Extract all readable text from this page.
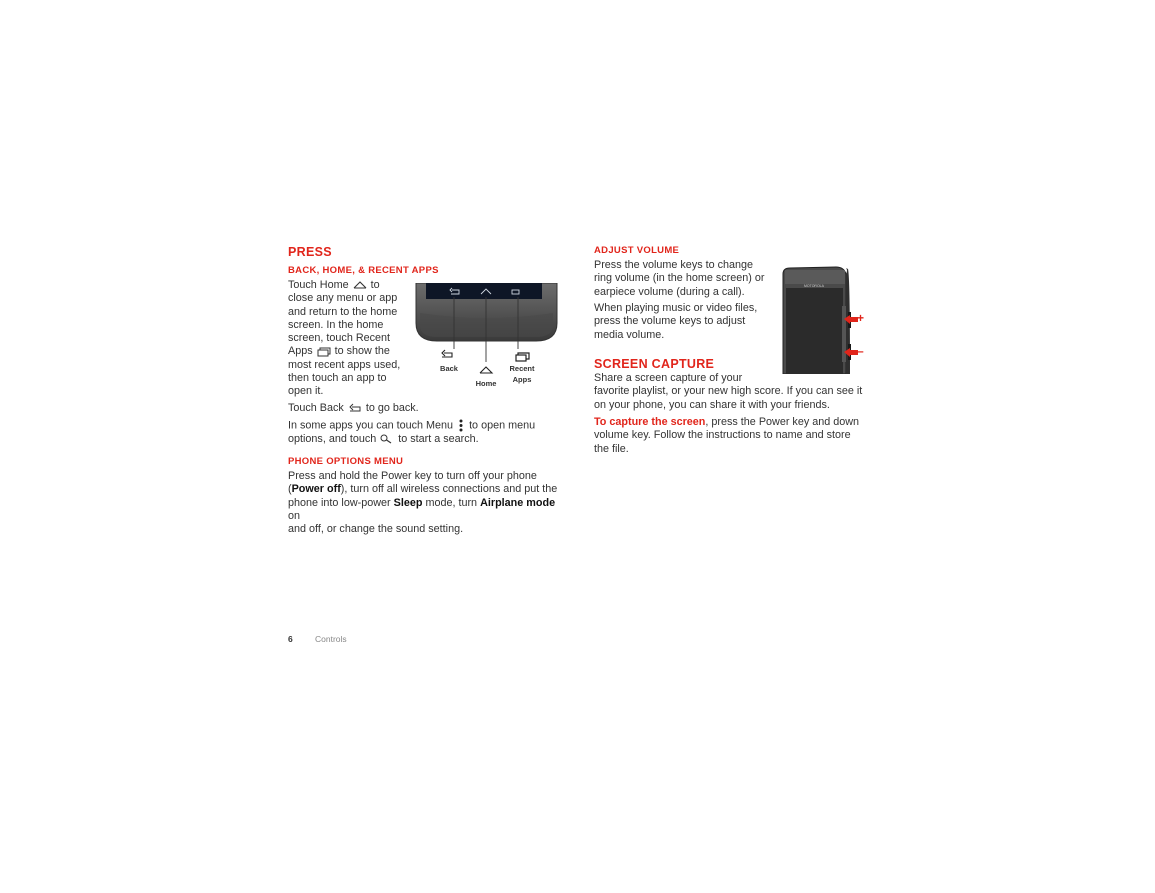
PRESS
BACK, HOME, & RECENT APPS
Touch Home to
close any menu or app
and return to the home
screen. In the home
screen, touch Recent
Apps to show the
most recent apps used,
then touch an app to
open it.
Back
Home
Recent
Apps
Touch Back to go back.
In some apps you can touch Menu to open menu
options, and touch to start a search.
PHONE OPTIONS MENU
Press and hold the Power key to turn off your phone
(Power off), turn off all wireless connections and put the
phone into low-power Sleep mode, turn Airplane mode on
and off, or change the sound setting.
ADJUST VOLUME
Press the volume keys to change
ring volume (in the home screen) or
earpiece volume (during a call).
When playing music or video files,
press the volume keys to adjust
media volume.
MOTOROLA
+
–
SCREEN CAPTURE
Share a screen capture of your
favorite playlist, or your new high score. If you can see it
on your phone, you can share it with your friends.
To capture the screen, press the Power key and down
volume key. Follow the instructions to name and store
the file.
6	Controls
